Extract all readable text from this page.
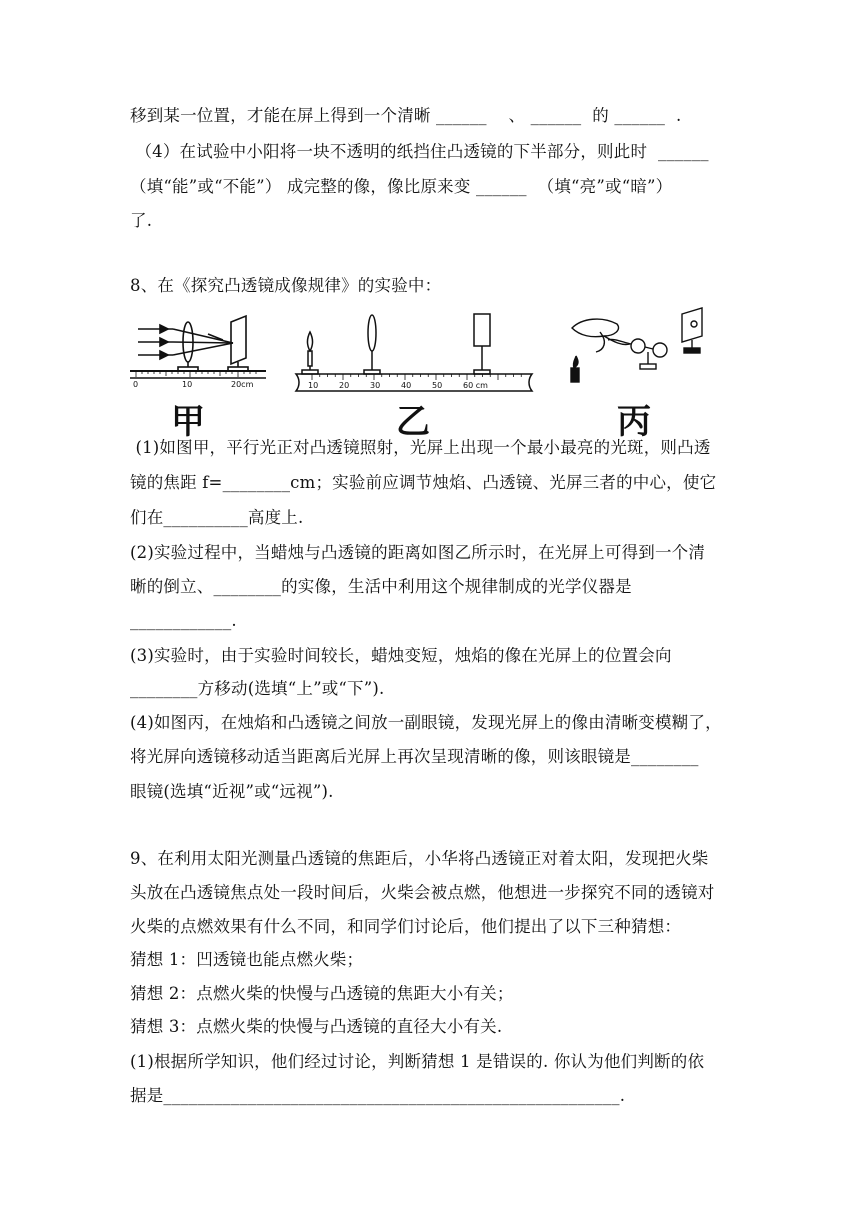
移到某一位置，才能在屏上得到一个清晰 ______    、 ______  的 ______  .
（4）在试验中小阳将一块不透明的纸挡住凸透镜的下半部分，则此时  ______
（填“能”或“不能”） 成完整的像，像比原来变 ______  （填“亮”或“暗”）
了.
8、在《探究凸透镜成像规律》的实验中：
(1)如图甲，平行光正对凸透镜照射，光屏上出现一个最小最亮的光斑，则凸透
镜的焦距 f=________cm；实验前应调节烛焰、凸透镜、光屏三者的中心，使它
们在__________高度上.
(2)实验过程中，当蜡烛与凸透镜的距离如图乙所示时，在光屏上可得到一个清
晰的倒立、________的实像，生活中利用这个规律制成的光学仪器是
____________.
(3)实验时，由于实验时间较长，蜡烛变短，烛焰的像在光屏上的位置会向
________方移动(选填“上”或“下”).
(4)如图丙，在烛焰和凸透镜之间放一副眼镜，发现光屏上的像由清晰变模糊了，
将光屏向透镜移动适当距离后光屏上再次呈现清晰的像，则该眼镜是________
眼镜(选填“近视”或“远视”).
9、在利用太阳光测量凸透镜的焦距后，小华将凸透镜正对着太阳，发现把火柴
头放在凸透镜焦点处一段时间后，火柴会被点燃，他想进一步探究不同的透镜对
火柴的点燃效果有什么不同，和同学们讨论后，他们提出了以下三种猜想：
猜想 1：凹透镜也能点燃火柴；
猜想 2：点燃火柴的快慢与凸透镜的焦距大小有关；
猜想 3：点燃火柴的快慢与凸透镜的直径大小有关.
(1)根据所学知识，他们经过讨论，判断猜想 1 是错误的. 你认为他们判断的依
据是______________________________________________________.
0	10	20cm	10	20	30	40	50	60 cm
甲	乙	丙
